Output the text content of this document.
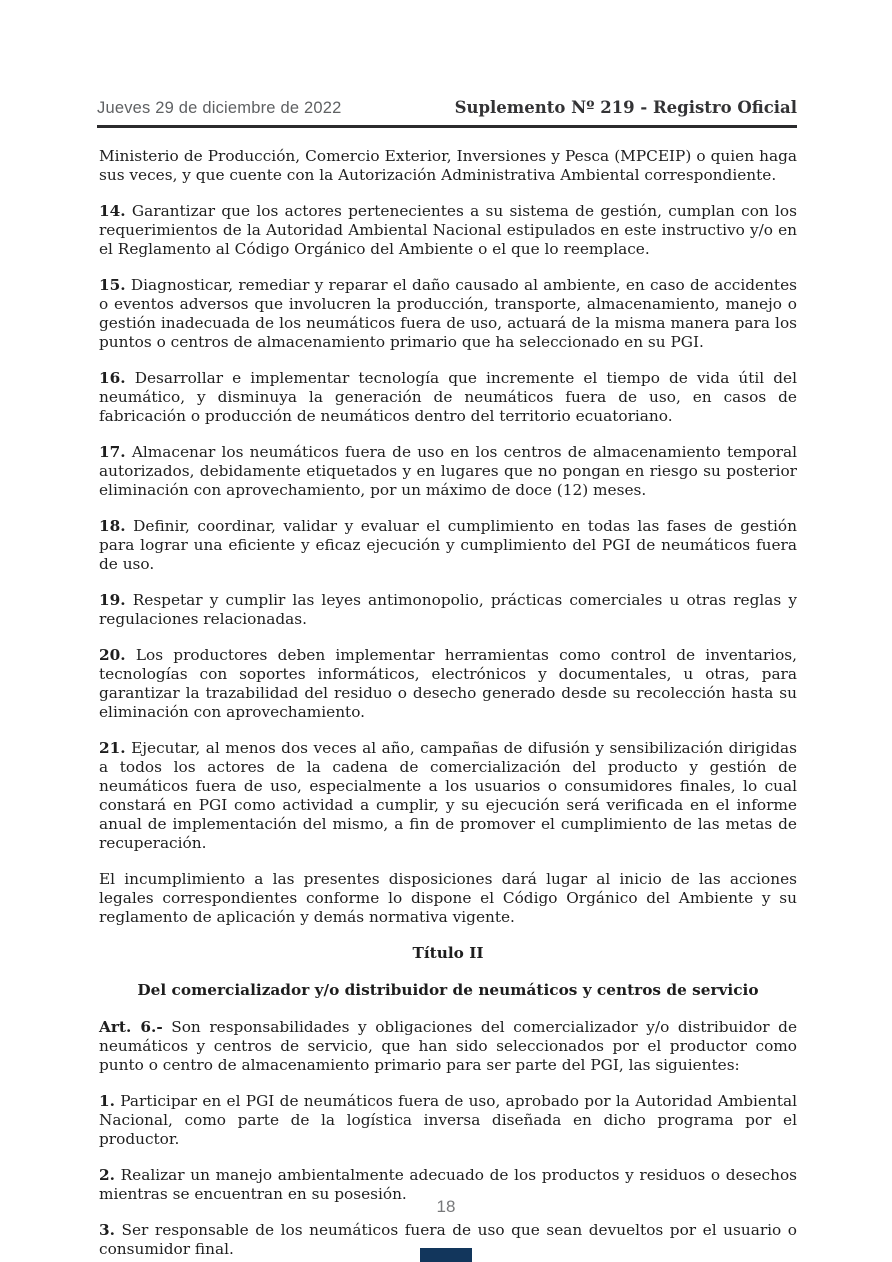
Jueves 29 de diciembre de 2022	Suplemento Nº 219 - Registro Oficial

Ministerio de Producción, Comercio Exterior, Inversiones y Pesca (MPCEIP) o quien haga sus veces, y que cuente con la Autorización Administrativa Ambiental correspondiente.

14. Garantizar que los actores pertenecientes a su sistema de gestión, cumplan con los requerimientos de la Autoridad Ambiental Nacional estipulados en este instructivo y/o en el Reglamento al Código Orgánico del Ambiente o el que lo reemplace.

15. Diagnosticar, remediar y reparar el daño causado al ambiente, en caso de accidentes o eventos adversos que involucren la producción, transporte, almacenamiento, manejo o gestión inadecuada de los neumáticos fuera de uso, actuará de la misma manera para los puntos o centros de almacenamiento primario que ha seleccionado en su PGI.

16. Desarrollar e implementar tecnología que incremente el tiempo de vida útil del neumático, y disminuya la generación de neumáticos fuera de uso, en casos de fabricación o producción de neumáticos dentro del territorio ecuatoriano.

17. Almacenar los neumáticos fuera de uso en los centros de almacenamiento temporal autorizados, debidamente etiquetados y en lugares que no pongan en riesgo su posterior eliminación con aprovechamiento, por un máximo de doce (12) meses.

18. Definir, coordinar, validar y evaluar el cumplimiento en todas las fases de gestión para lograr una eficiente y eficaz ejecución y cumplimiento del PGI de neumáticos fuera de uso.

19. Respetar y cumplir las leyes antimonopolio, prácticas comerciales u otras reglas y regulaciones relacionadas.

20. Los productores deben implementar herramientas como control de inventarios, tecnologías con soportes informáticos, electrónicos y documentales, u otras, para garantizar la trazabilidad del residuo o desecho generado desde su recolección hasta su eliminación con aprovechamiento.

21. Ejecutar, al menos dos veces al año, campañas de difusión y sensibilización dirigidas a todos los actores de la cadena de comercialización del producto y gestión de neumáticos fuera de uso, especialmente a los usuarios o consumidores finales, lo cual constará en PGI como actividad a cumplir, y su ejecución será verificada en el informe anual de implementación del mismo, a fin de promover el cumplimiento de las metas de recuperación.

El incumplimiento a las presentes disposiciones dará lugar al inicio de las acciones legales correspondientes conforme lo dispone el Código Orgánico del Ambiente y su reglamento de aplicación y demás normativa vigente.

Título II

Del comercializador y/o distribuidor de neumáticos y centros de servicio

Art. 6.- Son responsabilidades y obligaciones del comercializador y/o distribuidor de neumáticos y centros de servicio, que han sido seleccionados por el productor como punto o centro de almacenamiento primario para ser parte del PGI, las siguientes:

1. Participar en el PGI de neumáticos fuera de uso, aprobado por la Autoridad Ambiental Nacional, como parte de la logística inversa diseñada en dicho programa por el productor.

2. Realizar un manejo ambientalmente adecuado de los productos y residuos o desechos mientras se encuentran en su posesión.

3. Ser responsable de los neumáticos fuera de uso que sean devueltos por el usuario o consumidor final.

18
